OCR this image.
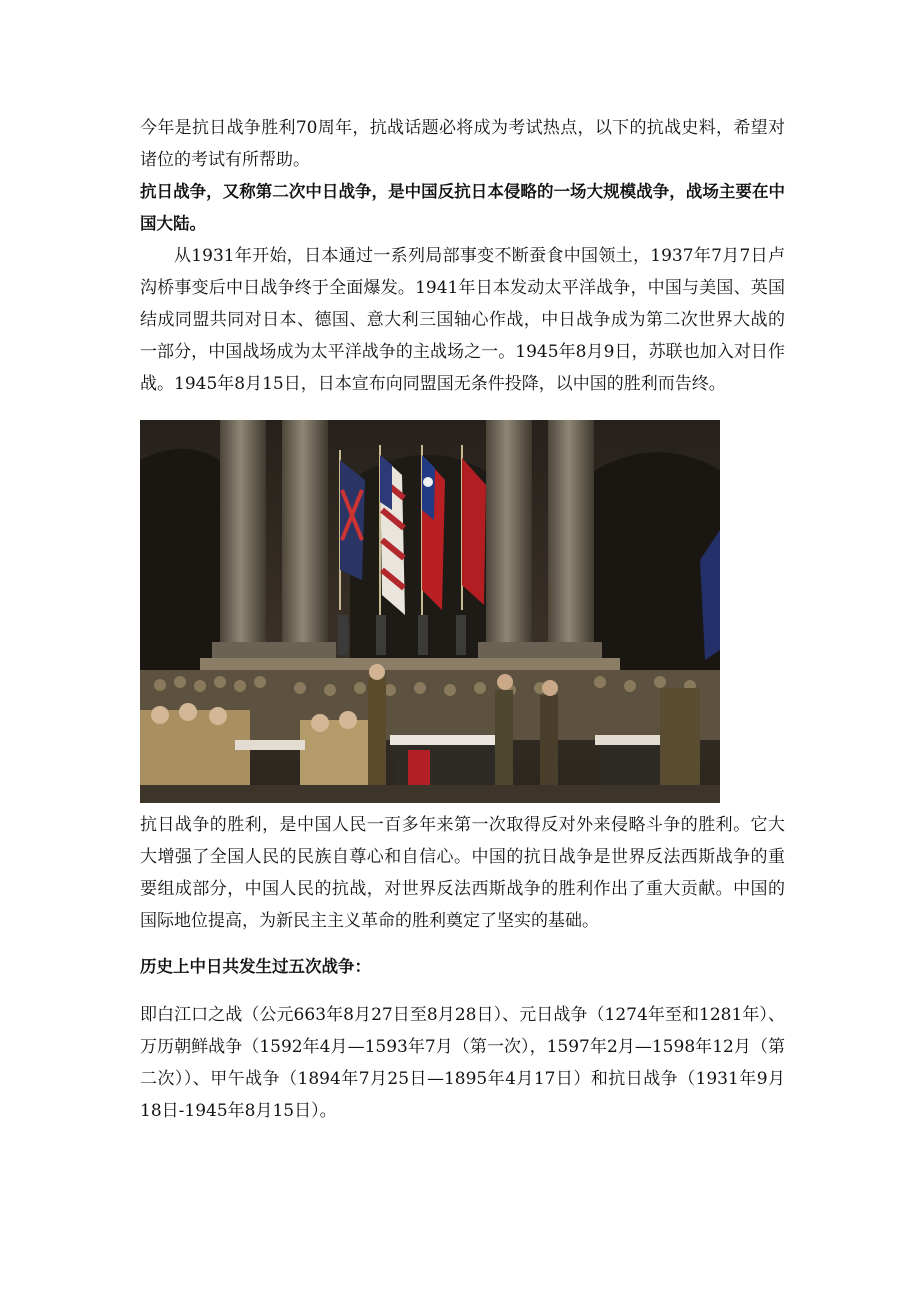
今年是抗日战争胜利70周年，抗战话题必将成为考试热点，以下的抗战史料，希望对诸位的考试有所帮助。

抗日战争，又称第二次中日战争，是中国反抗日本侵略的一场大规模战争，战场主要在中国大陆。

从1931年开始，日本通过一系列局部事变不断蚕食中国领土，1937年7月7日卢沟桥事变后中日战争终于全面爆发。1941年日本发动太平洋战争，中国与美国、英国结成同盟共同对日本、德国、意大利三国轴心作战，中日战争成为第二次世界大战的一部分，中国战场成为太平洋战争的主战场之一。1945年8月9日，苏联也加入对日作战。1945年8月15日，日本宣布向同盟国无条件投降，以中国的胜利而告终。

抗日战争的胜利，是中国人民一百多年来第一次取得反对外来侵略斗争的胜利。它大大增强了全国人民的民族自尊心和自信心。中国的抗日战争是世界反法西斯战争的重要组成部分，中国人民的抗战，对世界反法西斯战争的胜利作出了重大贡献。中国的国际地位提高，为新民主主义革命的胜利奠定了坚实的基础。

历史上中日共发生过五次战争：

即白江口之战（公元663年8月27日至8月28日）、元日战争（1274年至和1281年）、万历朝鲜战争（1592年4月—1593年7月（第一次），1597年2月—1598年12月（第二次））、甲午战争（1894年7月25日—1895年4月17日）和抗日战争（1931年9月18日-1945年8月15日）。
